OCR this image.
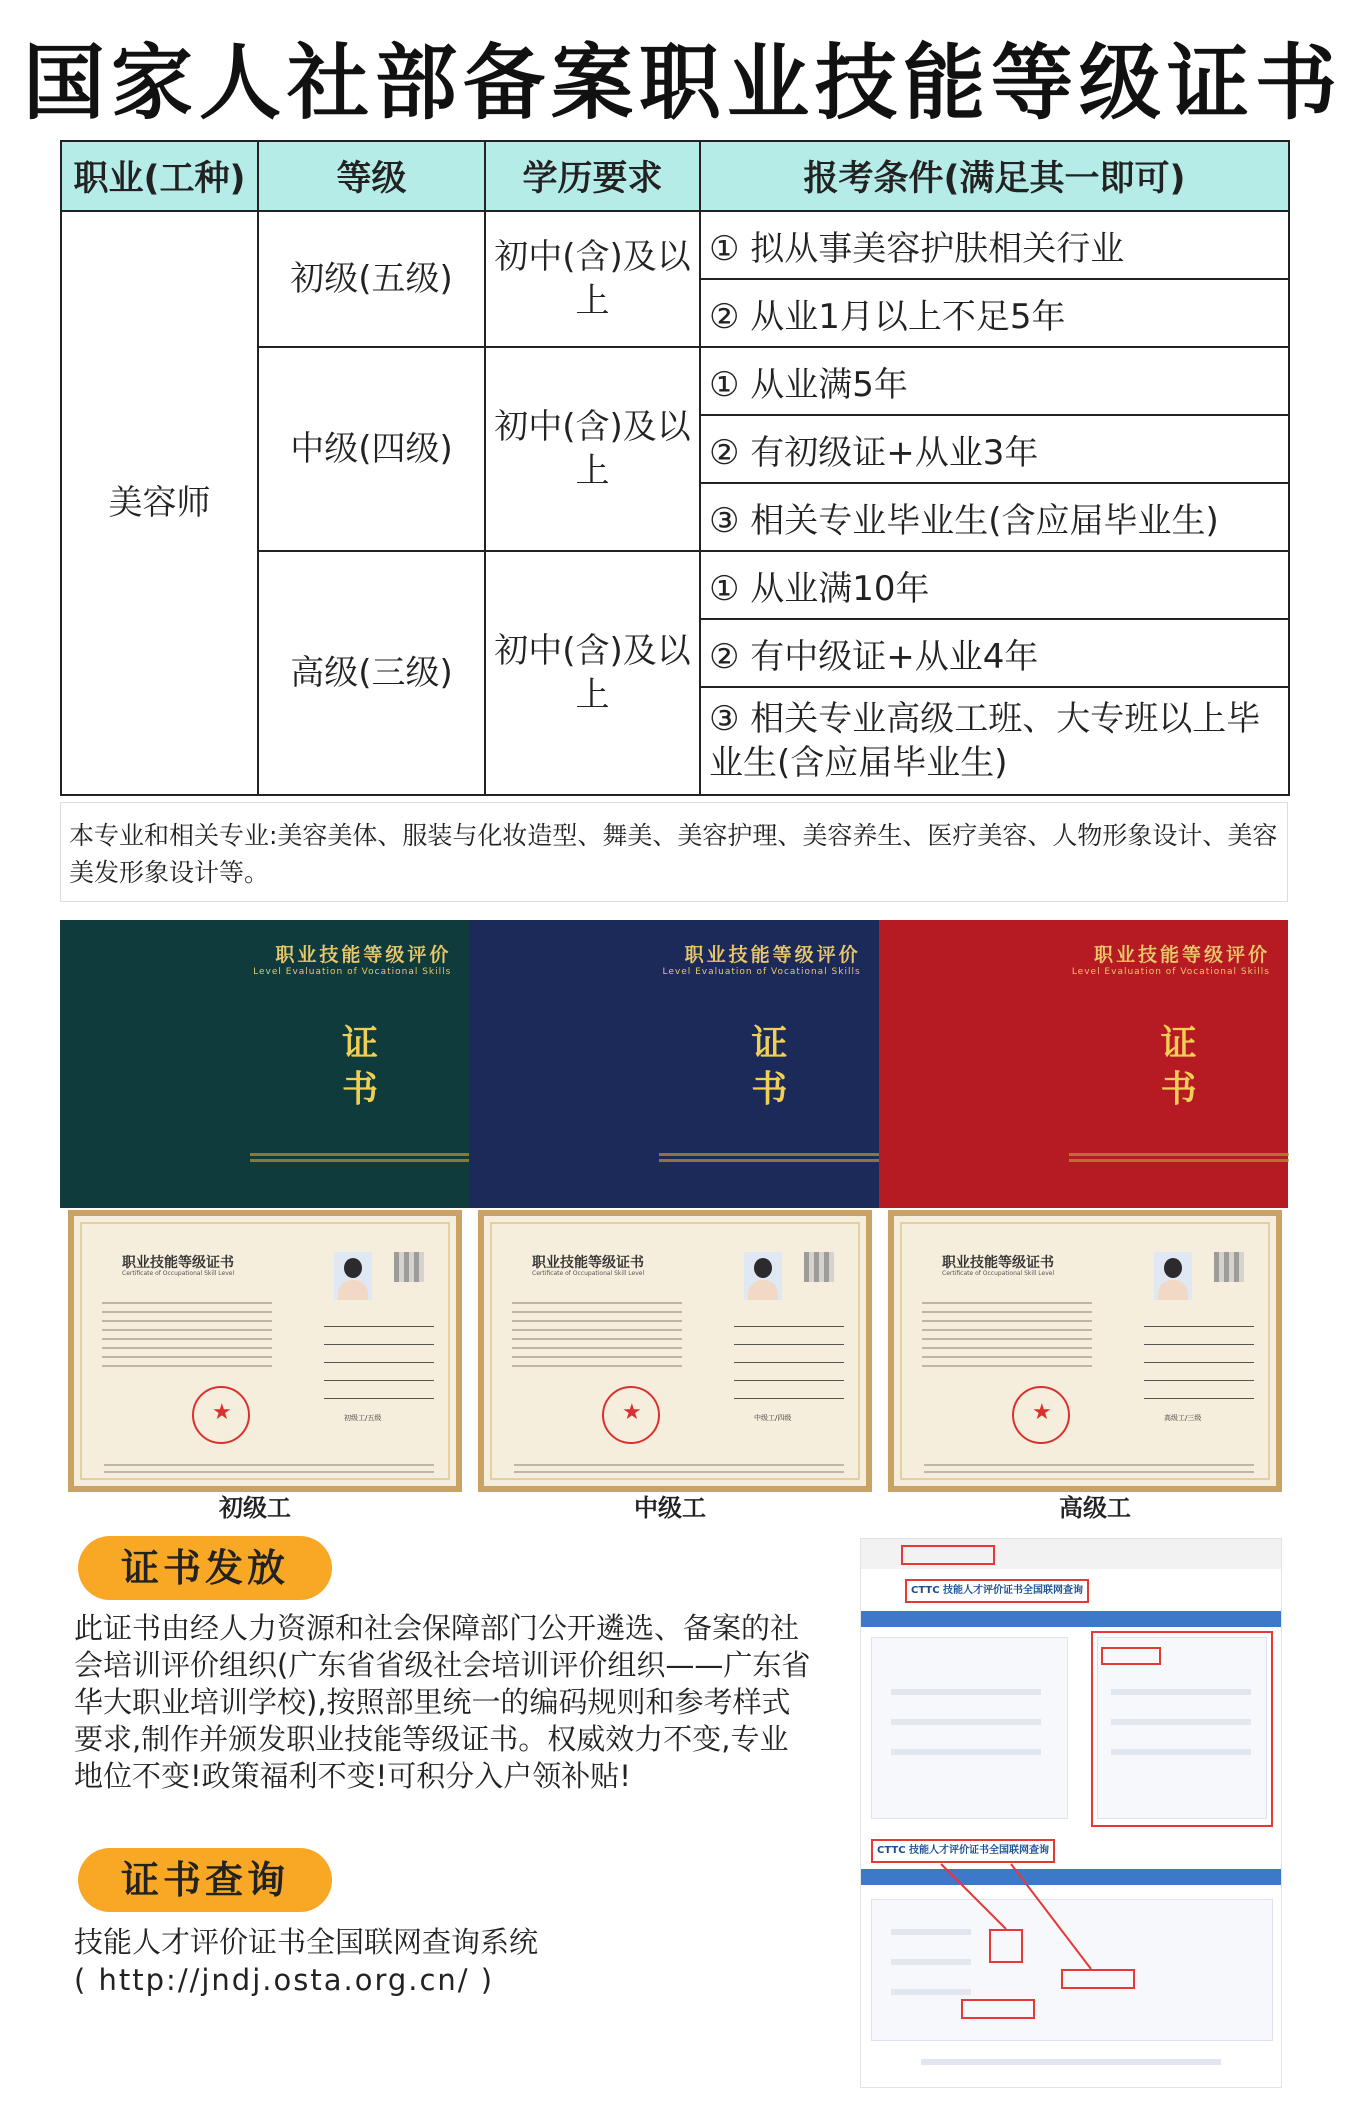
国家人社部备案职业技能等级证书
职业(工种)	等级	学历要求	报考条件(满足其一即可)
美容师	初级(五级)	初中(含)及以上	① 拟从事美容护肤相关行业
			② 从业1月以上不足5年
	中级(四级)	初中(含)及以上	① 从业满5年
			② 有初级证+从业3年
			③ 相关专业毕业生(含应届毕业生)
	高级(三级)	初中(含)及以上	① 从业满10年
			② 有中级证+从业4年
			③ 相关专业高级工班、大专班以上毕业生(含应届毕业生)
本专业和相关专业:美容美体、服装与化妆造型、舞美、美容护理、美容养生、医疗美容、人物形象设计、美容美发形象设计等。
职业技能等级评价
Level Evaluation of Vocational Skills
证
书
职业技能等级评价
Level Evaluation of Vocational Skills
证
书
职业技能等级评价
Level Evaluation of Vocational Skills
证
书
职业技能等级证书
Certificate of Occupational Skill Level
初级工/五级
★
职业技能等级证书
Certificate of Occupational Skill Level
中级工/四级
★
职业技能等级证书
Certificate of Occupational Skill Level
高级工/三级
★
初级工	中级工	高级工
证书发放
此证书由经人力资源和社会保障部门公开遴选、备案的社会培训评价组织(广东省省级社会培训评价组织——广东省华大职业培训学校),按照部里统一的编码规则和参考样式要求,制作并颁发职业技能等级证书。权威效力不变,专业地位不变!政策福利不变!可积分入户领补贴!
证书查询
技能人才评价证书全国联网查询系统
( http://jndj.osta.org.cn/ )
CTTC 技能人才评价证书全国联网查询
CTTC 技能人才评价证书全国联网查询
